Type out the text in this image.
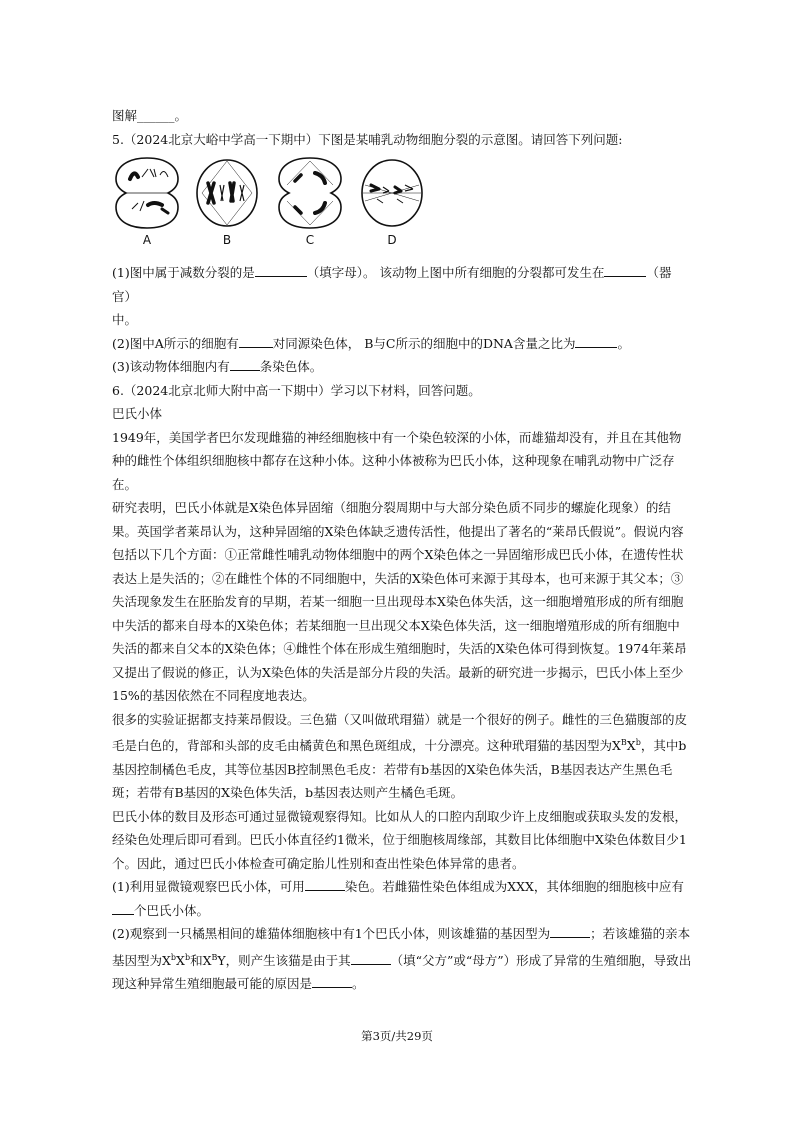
图解______。
5.（2024北京大峪中学高一下期中）下图是某哺乳动物细胞分裂的示意图。请回答下列问题:
A	B	C	D
(1)图中属于减数分裂的是	（填字母）。 该动物上图中所有细胞的分裂都可发生在	（器官）
中。
(2)图中A所示的细胞有	对同源染色体， B与C所示的细胞中的DNA含量之比为	。
(3)该动物体细胞内有 条染色体。
6.（2024北京北师大附中高一下期中）学习以下材料，回答问题。
巴氏小体
1949年，美国学者巴尔发现雌猫的神经细胞核中有一个染色较深的小体，而雄猫却没有，并且在其他物种的雌性个体组织细胞核中都存在这种小体。这种小体被称为巴氏小体，这种现象在哺乳动物中广泛存在。
研究表明，巴氏小体就是X染色体异固缩（细胞分裂周期中与大部分染色质不同步的螺旋化现象）的结果。英国学者莱昂认为，这种异固缩的X染色体缺乏遗传活性，他提出了著名的“莱昂氏假说”。假说内容包括以下几个方面：①正常雌性哺乳动物体细胞中的两个X染色体之一异固缩形成巴氏小体，在遗传性状表达上是失活的；②在雌性个体的不同细胞中，失活的X染色体可来源于其母本，也可来源于其父本；③失活现象发生在胚胎发育的早期，若某一细胞一旦出现母本X染色体失活，这一细胞增殖形成的所有细胞中失活的都来自母本的X染色体；若某细胞一旦出现父本X染色体失活，这一细胞增殖形成的所有细胞中失活的都来自父本的X染色体；④雌性个体在形成生殖细胞时，失活的X染色体可得到恢复。1974年莱昂又提出了假说的修正，认为X染色体的失活是部分片段的失活。最新的研究进一步揭示，巴氏小体上至少15%的基因依然在不同程度地表达。
很多的实验证据都支持莱昂假设。三色猫（又叫做玳瑁猫）就是一个很好的例子。雌性的三色猫腹部的皮毛是白色的，背部和头部的皮毛由橘黄色和黑色斑组成，十分漂亮。这种玳瑁猫的基因型为$X^BX^b$，其中b基因控制橘色毛皮，其等位基因B控制黑色毛皮：若带有b基因的X染色体失活，B基因表达产生黑色毛斑；若带有B基因的X染色体失活，b基因表达则产生橘色毛斑。
巴氏小体的数目及形态可通过显微镜观察得知。比如从人的口腔内刮取少许上皮细胞或获取头发的发根，经染色处理后即可看到。巴氏小体直径约1微米，位于细胞核周缘部，其数目比体细胞中X染色体数目少1个。因此，通过巴氏小体检查可确定胎儿性别和查出性染色体异常的患者。
(1)利用显微镜观察巴氏小体，可用	染色。若雌猫性染色体组成为XXX，其体细胞的细胞核中应有个巴氏小体。
(2)观察到一只橘黑相间的雄猫体细胞核中有1个巴氏小体，则该雄猫的基因型为	；若该雄猫的亲本基因型为$X^bX^b$和$X^BY$，则产生该猫是由于其	（填“父方”或“母方”）形成了异常的生殖细胞，导致出现这种异常生殖细胞最可能的原因是	。
第3页/共29页
